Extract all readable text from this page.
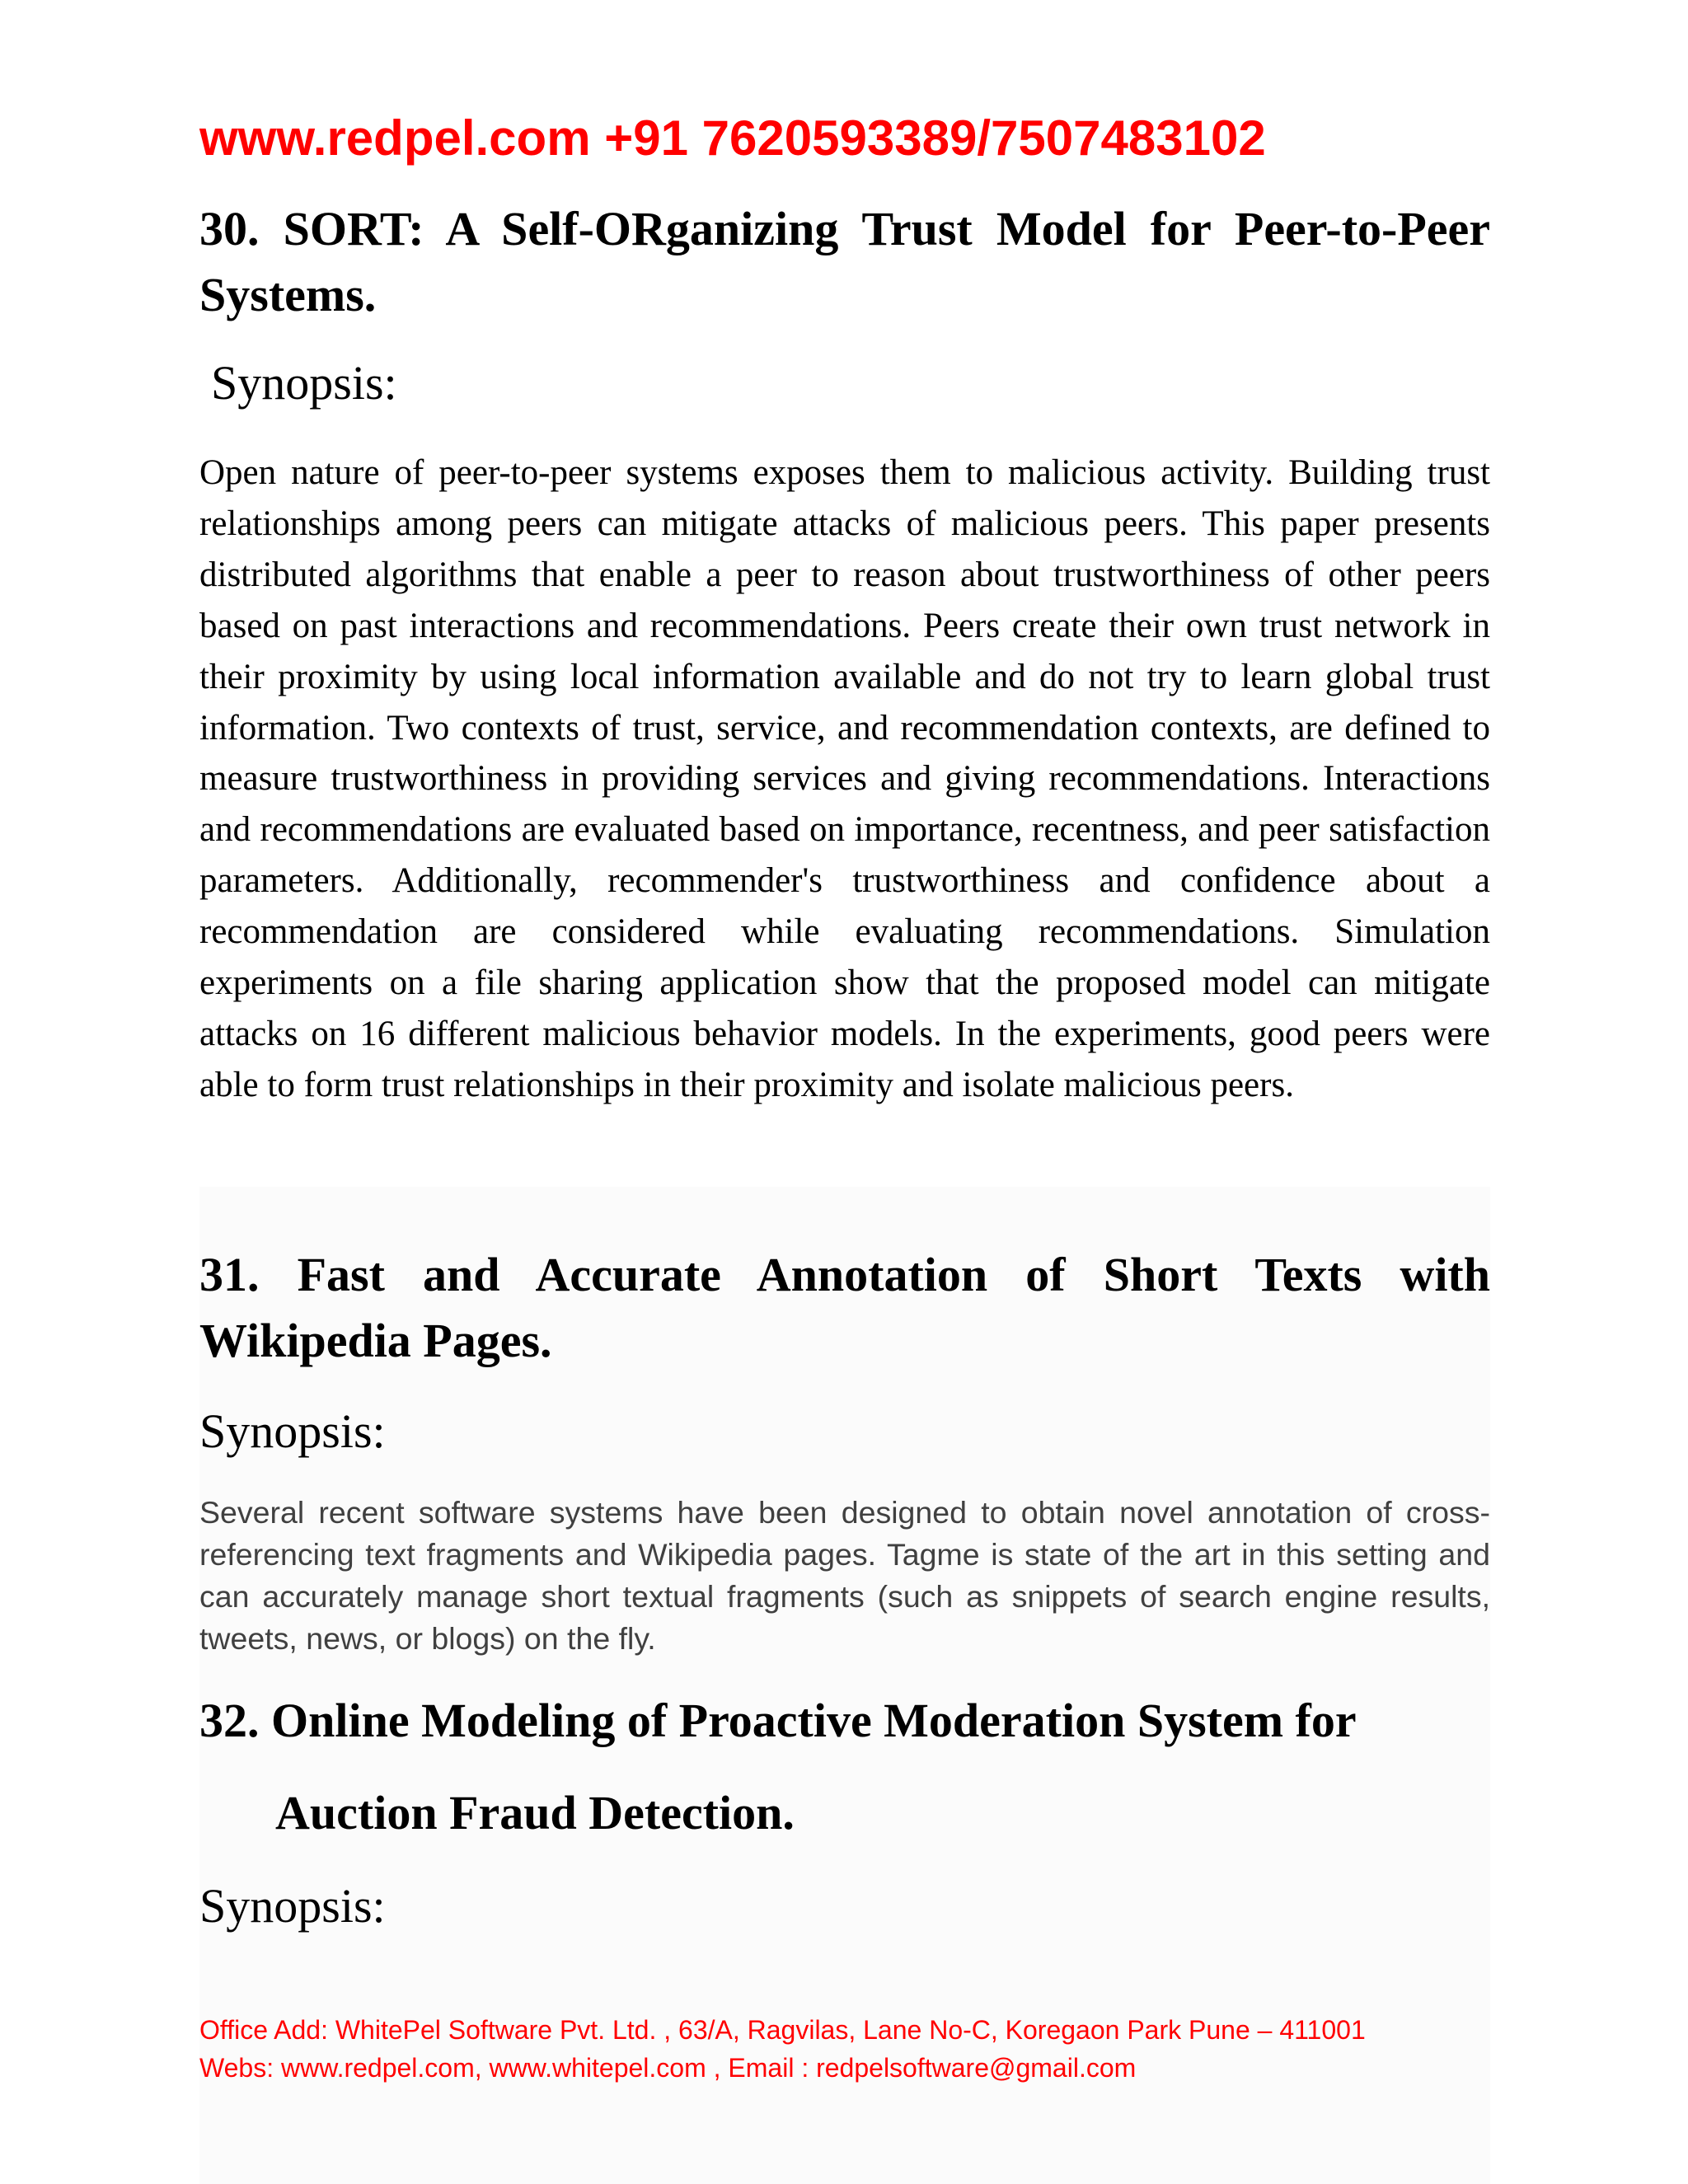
www.redpel.com +91 7620593389/7507483102
30. SORT: A Self-ORganizing Trust Model for Peer-to-Peer Systems.
Synopsis:
Open nature of peer-to-peer systems exposes them to malicious activity. Building trust relationships among peers can mitigate attacks of malicious peers. This paper presents distributed algorithms that enable a peer to reason about trustworthiness of other peers based on past interactions and recommendations. Peers create their own trust network in their proximity by using local information available and do not try to learn global trust information. Two contexts of trust, service, and recommendation contexts, are defined to measure trustworthiness in providing services and giving recommendations. Interactions and recommendations are evaluated based on importance, recentness, and peer satisfaction parameters. Additionally, recommender's trustworthiness and confidence about a recommendation are considered while evaluating recommendations. Simulation experiments on a file sharing application show that the proposed model can mitigate attacks on 16 different malicious behavior models. In the experiments, good peers were able to form trust relationships in their proximity and isolate malicious peers.
31. Fast and Accurate Annotation of Short Texts with Wikipedia Pages.
Synopsis:
Several recent software systems have been designed to obtain novel annotation of cross-referencing text fragments and Wikipedia pages. Tagme is state of the art in this setting and can accurately manage short textual fragments (such as snippets of search engine results, tweets, news, or blogs) on the fly.
32. Online Modeling of Proactive Moderation System for
Auction Fraud Detection.
Synopsis:
Office Add: WhitePel Software Pvt. Ltd. , 63/A, Ragvilas, Lane No-C, Koregaon Park Pune – 411001
Webs: www.redpel.com, www.whitepel.com , Email : redpelsoftware@gmail.com
